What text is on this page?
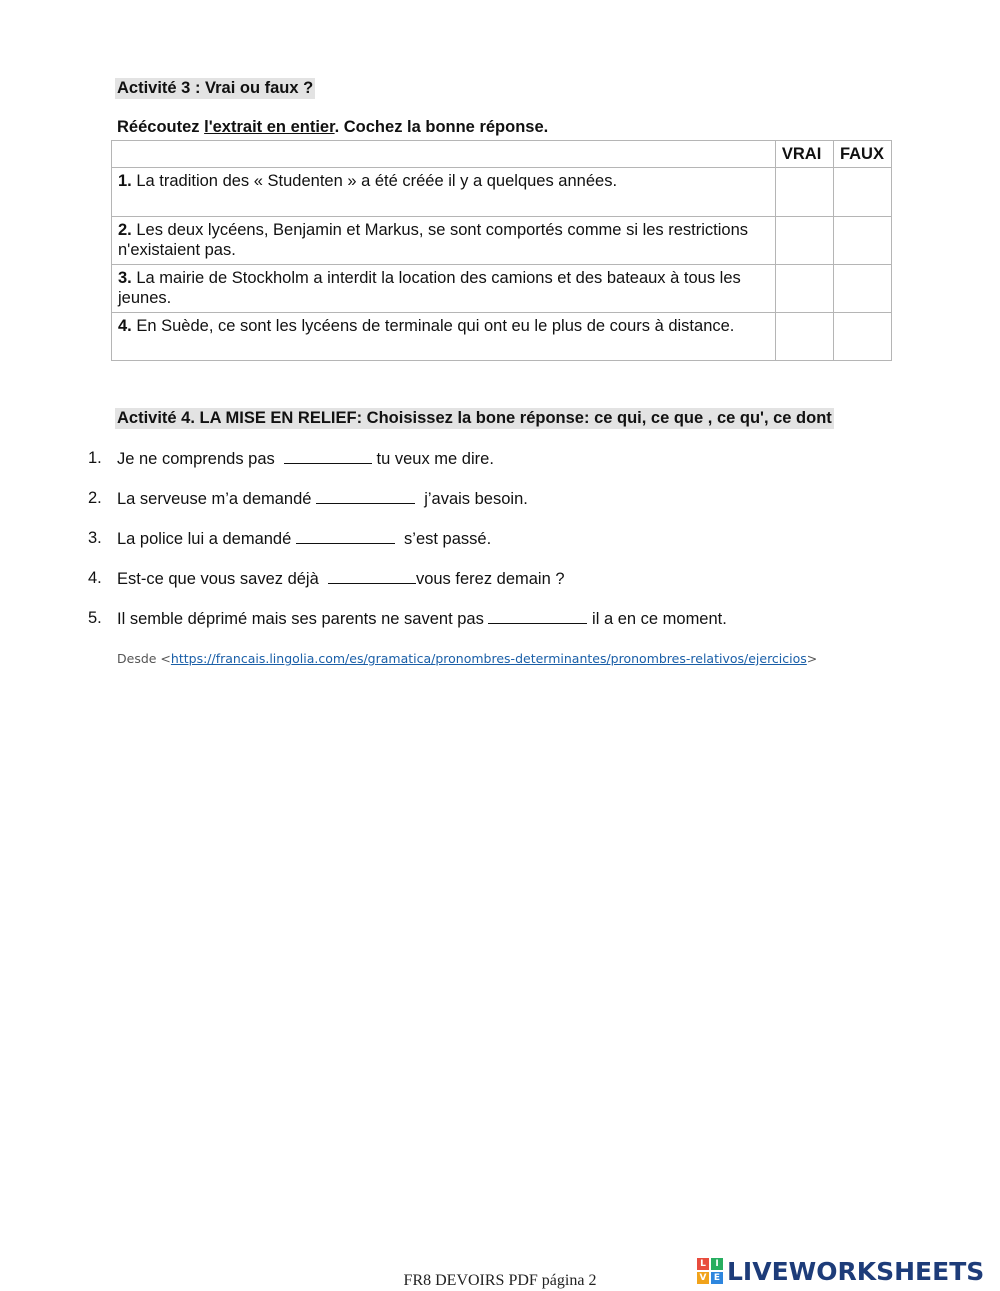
Activité 3 : Vrai ou faux ?
Réécoutez l'extrait en entier. Cochez la bonne réponse.
	VRAI	FAUX
1. La tradition des « Studenten » a été créée il y a quelques années.		
2. Les deux lycéens, Benjamin et Markus, se sont comportés comme si les restrictions n'existaient pas.		
3. La mairie de Stockholm a interdit la location des camions et des bateaux à tous les jeunes.		
4. En Suède, ce sont les lycéens de terminale qui ont eu le plus de cours à distance.		
Activité 4. LA MISE EN RELIEF: Choisissez la bone réponse: ce qui, ce que , ce qu', ce dont
1. Je ne comprends pas	tu veux me dire.
2. La serveuse m’a demandé	j’avais besoin.
3. La police lui a demandé	s’est passé.
4. Est-ce que vous savez déjà	vous ferez demain ?
5. Il semble déprimé mais ses parents ne savent pas	il a en ce moment.
Desde <https://francais.lingolia.com/es/gramatica/pronombres-determinantes/pronombres-relativos/ejercicios>
FR8 DEVOIRS PDF página 2
L	I
V E LIVEWORKSHEETS
